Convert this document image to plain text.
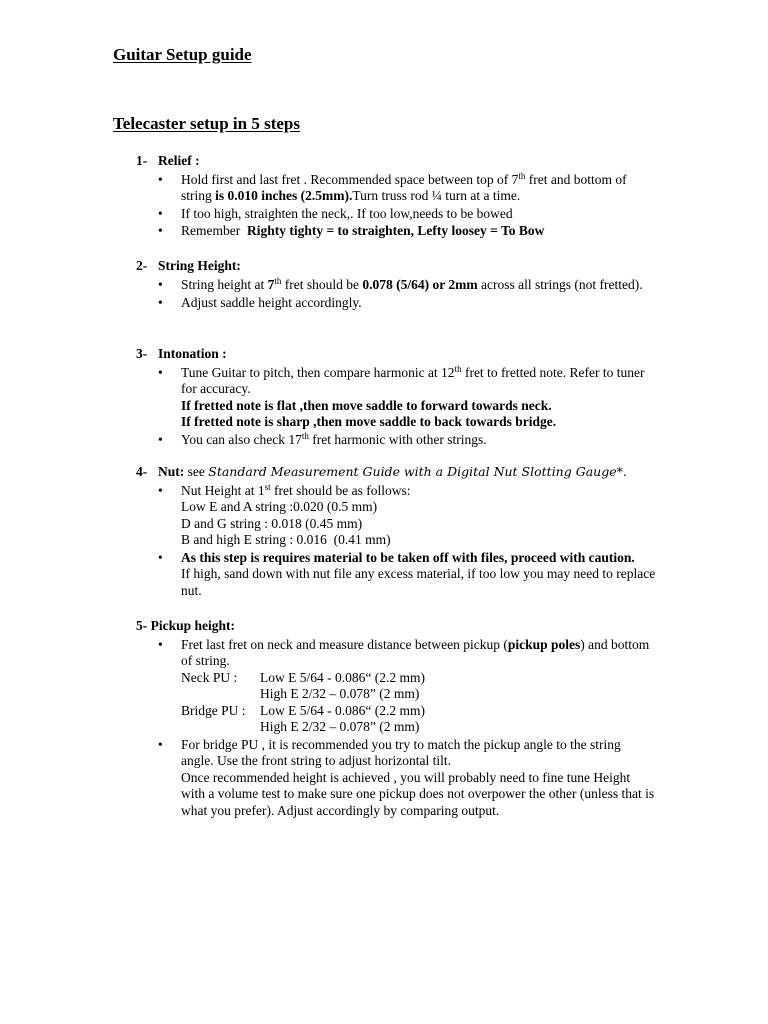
Guitar Setup guide
Telecaster setup in 5 steps
1- Relief :
• Hold first and last fret . Recommended space between top of 7th fret and bottom of string is 0.010 inches (2.5mm).Turn truss rod ¼ turn at a time.
• If too high, straighten the neck,. If too low,needs to be bowed
• Remember  Righty tighty = to straighten, Lefty loosey = To Bow
2- String Height:
• String height at 7th fret should be 0.078 (5/64) or 2mm across all strings (not fretted).
• Adjust saddle height accordingly.
3- Intonation :
• Tune Guitar to pitch, then compare harmonic at 12th fret to fretted note. Refer to tuner for accuracy.
If fretted note is flat ,then move saddle to forward towards neck.
If fretted note is sharp ,then move saddle to back towards bridge.
• You can also check 17th fret harmonic with other strings.
4- Nut: see Standard Measurement Guide with a Digital Nut Slotting Gauge*.
• Nut Height at 1st fret should be as follows:
Low E and A string :0.020 (0.5 mm)
D and G string : 0.018 (0.45 mm)
B and high E string : 0.016  (0.41 mm)
• As this step is requires material to be taken off with files, proceed with caution.
If high, sand down with nut file any excess material, if too low you may need to replace nut.
5- Pickup height:
• Fret last fret on neck and measure distance between pickup (pickup poles) and bottom of string.
Neck PU : Low E 5/64 - 0.086“ (2.2 mm)
High E 2/32 – 0.078” (2 mm)
Bridge PU : Low E 5/64 - 0.086“ (2.2 mm)
High E 2/32 – 0.078” (2 mm)
• For bridge PU , it is recommended you try to match the pickup angle to the string angle. Use the front string to adjust horizontal tilt.
Once recommended height is achieved , you will probably need to fine tune Height with a volume test to make sure one pickup does not overpower the other (unless that is what you prefer). Adjust accordingly by comparing output.
